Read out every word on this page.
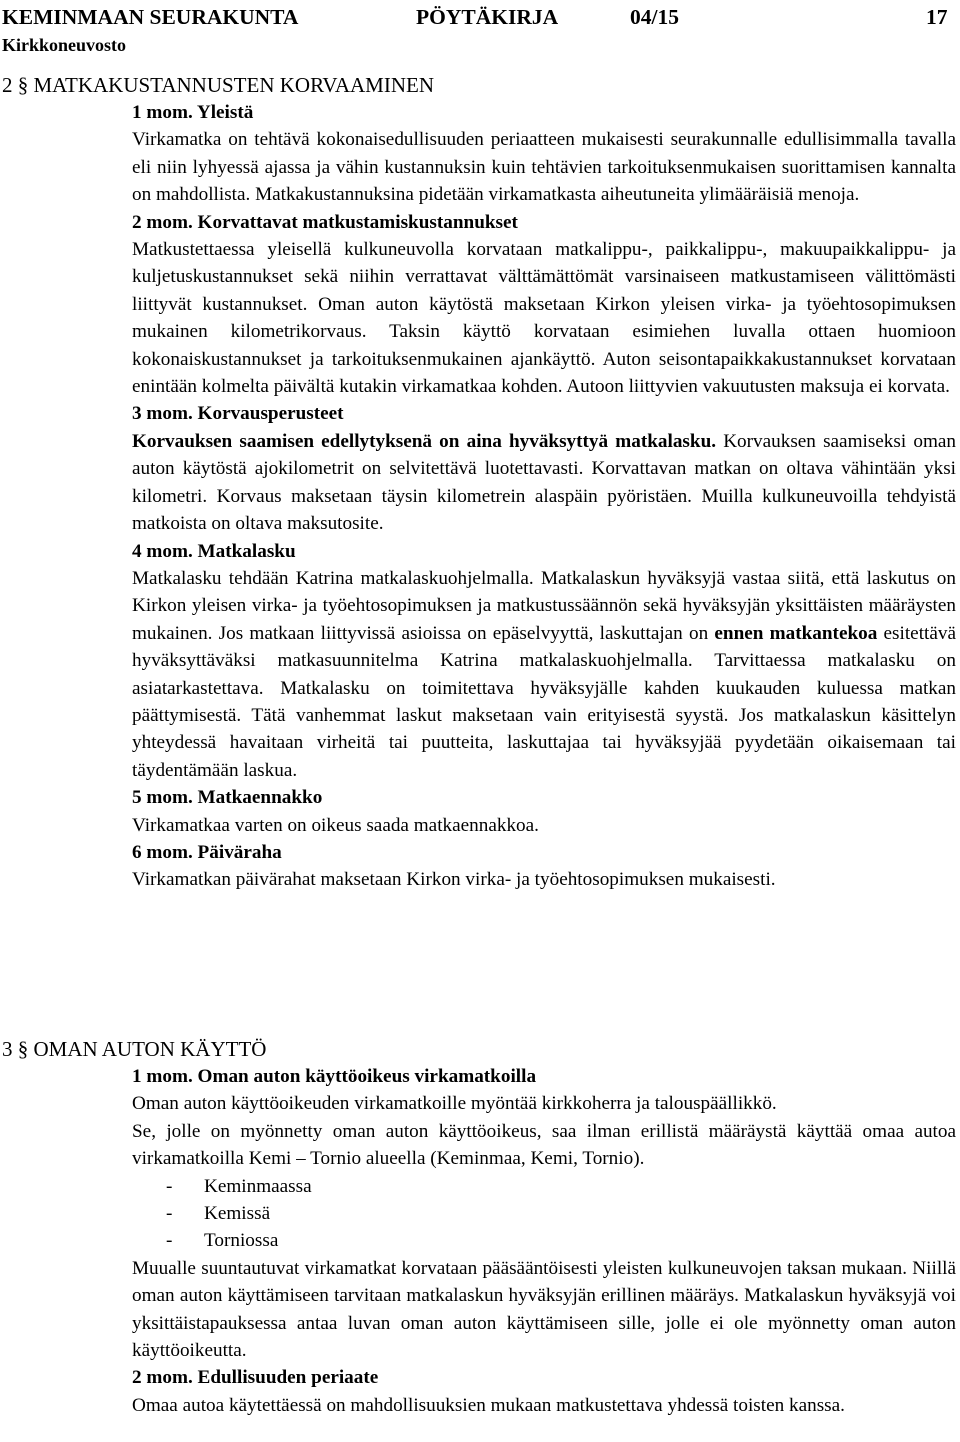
KEMINMAAN SEURAKUNTA	PÖYTÄKIRJA	04/15	17
Kirkkoneuvosto
2 § MATKAKUSTANNUSTEN KORVAAMINEN

1 mom. Yleistä

Virkamatka on tehtävä kokonaisedullisuuden periaatteen mukaisesti seurakunnalle edullisimmalla tavalla eli niin lyhyessä ajassa ja vähin kustannuksin kuin tehtävien tarkoituksenmukaisen suorittamisen kannalta on mahdollista. Matkakustannuksina pidetään virkamatkasta aiheutuneita ylimääräisiä menoja.

2 mom. Korvattavat matkustamiskustannukset

Matkustettaessa yleisellä kulkuneuvolla korvataan matkalippu-, paikkalippu-, makuupaikkalippu- ja kuljetuskustannukset sekä niihin verrattavat välttämättömät varsinaiseen matkustamiseen välittömästi liittyvät kustannukset. Oman auton käytöstä maksetaan Kirkon yleisen virka- ja työehtosopimuksen mukainen kilometrikorvaus. Taksin käyttö korvataan esimiehen luvalla ottaen huomioon kokonaiskustannukset ja tarkoituksenmukainen ajankäyttö. Auton seisontapaikkakustannukset korvataan enintään kolmelta päivältä kutakin virkamatkaa kohden. Autoon liittyvien vakuutusten maksuja ei korvata.

3 mom. Korvausperusteet

Korvauksen saamisen edellytyksenä on aina hyväksyttyä matkalasku. Korvauksen saamiseksi oman auton käytöstä ajokilometrit on selvitettävä luotettavasti. Korvattavan matkan on oltava vähintään yksi kilometri. Korvaus maksetaan täysin kilometrein alaspäin pyöristäen. Muilla kulkuneuvoilla tehdyistä matkoista on oltava maksutosite.

4 mom. Matkalasku

Matkalasku tehdään Katrina matkalaskuohjelmalla. Matkalaskun hyväksyjä vastaa siitä, että laskutus on Kirkon yleisen virka- ja työehtosopimuksen ja matkustussäännön sekä hyväksyjän yksittäisten määräysten mukainen. Jos matkaan liittyvissä asioissa on epäselvyyttä, laskuttajan on ennen matkantekoa esitettävä hyväksyttäväksi matkasuunnitelma Katrina matkalaskuohjelmalla. Tarvittaessa matkalasku on asiatarkastettava. Matkalasku on toimitettava hyväksyjälle kahden kuukauden kuluessa matkan päättymisestä. Tätä vanhemmat laskut maksetaan vain erityisestä syystä. Jos matkalaskun käsittelyn yhteydessä havaitaan virheitä tai puutteita, laskuttajaa tai hyväksyjää pyydetään oikaisemaan tai täydentämään laskua.

5 mom. Matkaennakko

Virkamatkaa varten on oikeus saada matkaennakkoa.

6 mom. Päiväraha

Virkamatkan päivärahat maksetaan Kirkon virka- ja työehtosopimuksen mukaisesti.

3 § OMAN AUTON KÄYTTÖ

1 mom. Oman auton käyttöoikeus virkamatkoilla

Oman auton käyttöoikeuden virkamatkoille myöntää kirkkoherra ja talouspäällikkö.

Se, jolle on myönnetty oman auton käyttöoikeus, saa ilman erillistä määräystä käyttää omaa autoa virkamatkoilla Kemi – Tornio alueella (Keminmaa, Kemi, Tornio).

- Keminmaassa
- Kemissä
- Torniossa

Muualle suuntautuvat virkamatkat korvataan pääsääntöisesti yleisten kulkuneuvojen taksan mukaan. Niillä oman auton käyttämiseen tarvitaan matkalaskun hyväksyjän erillinen määräys. Matkalaskun hyväksyjä voi yksittäistapauksessa antaa luvan oman auton käyttämiseen sille, jolle ei ole myönnetty oman auton käyttöoikeutta.

2 mom. Edullisuuden periaate

Omaa autoa käytettäessä on mahdollisuuksien mukaan matkustettava yhdessä toisten kanssa.
